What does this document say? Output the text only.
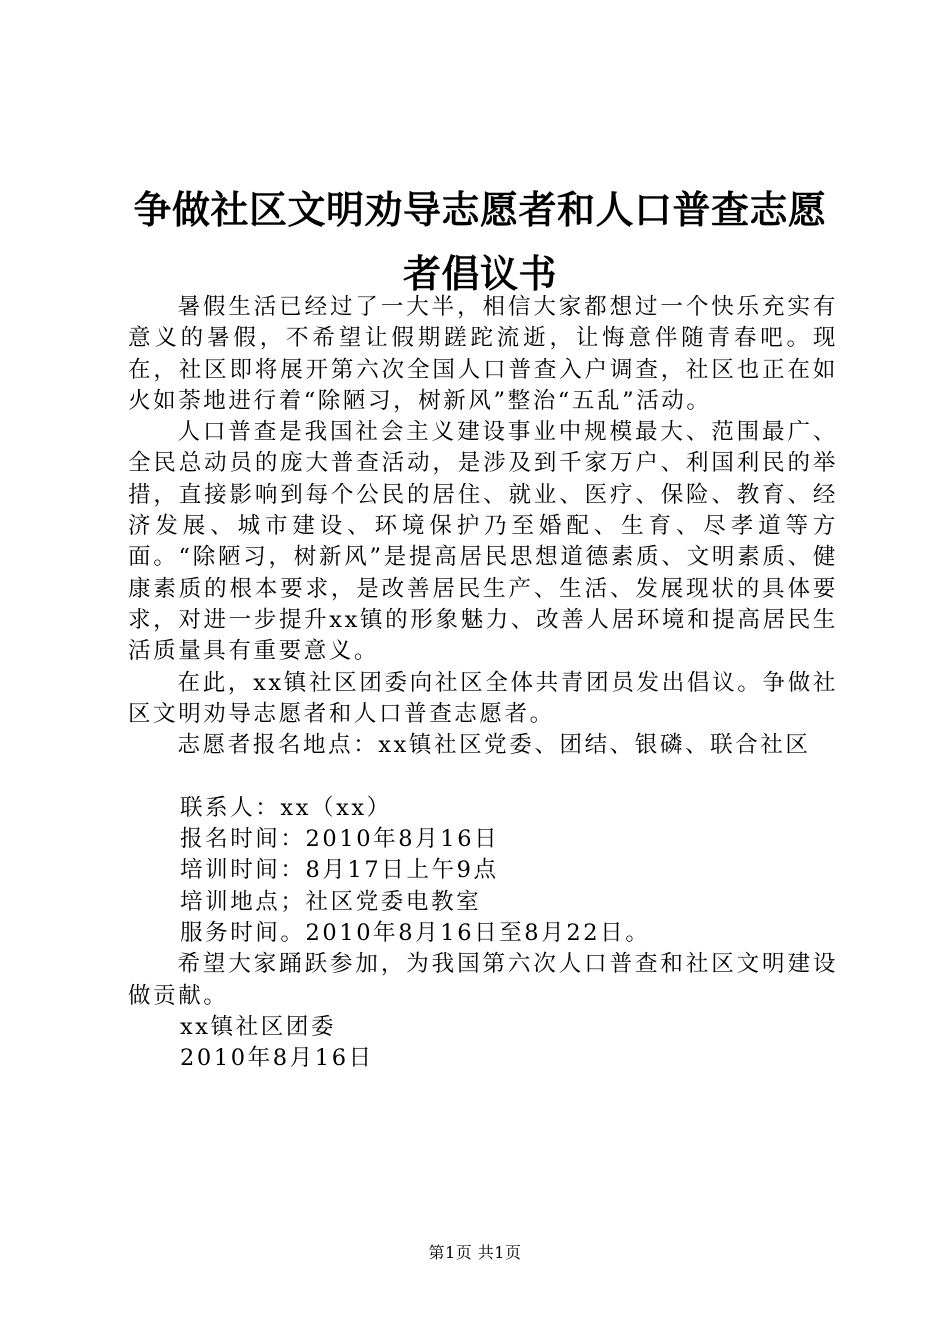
争做社区文明劝导志愿者和人口普查志愿者倡议书

暑假生活已经过了一大半，相信大家都想过一个快乐充实有意义的暑假，不希望让假期蹉跎流逝，让悔意伴随青春吧。现在，社区即将展开第六次全国人口普查入户调查，社区也正在如火如荼地进行着“除陋习，树新风”整治“五乱”活动。

人口普查是我国社会主义建设事业中规模最大、范围最广、全民总动员的庞大普查活动，是涉及到千家万户、利国利民的举措，直接影响到每个公民的居住、就业、医疗、保险、教育、经济发展、城市建设、环境保护乃至婚配、生育、尽孝道等方面。“除陋习，树新风”是提高居民思想道德素质、文明素质、健康素质的根本要求，是改善居民生产、生活、发展现状的具体要求，对进一步提升xx镇的形象魅力、改善人居环境和提高居民生活质量具有重要意义。

在此，xx镇社区团委向社区全体共青团员发出倡议。争做社区文明劝导志愿者和人口普查志愿者。

志愿者报名地点：xx镇社区党委、团结、银磷、联合社区

联系人：xx（xx）

报名时间：2010年8月16日

培训时间：8月17日上午9点

培训地点；社区党委电教室

服务时间。2010年8月16日至8月22日。

希望大家踊跃参加，为我国第六次人口普查和社区文明建设做贡献。

xx镇社区团委

2010年8月16日

第1页 共1页
